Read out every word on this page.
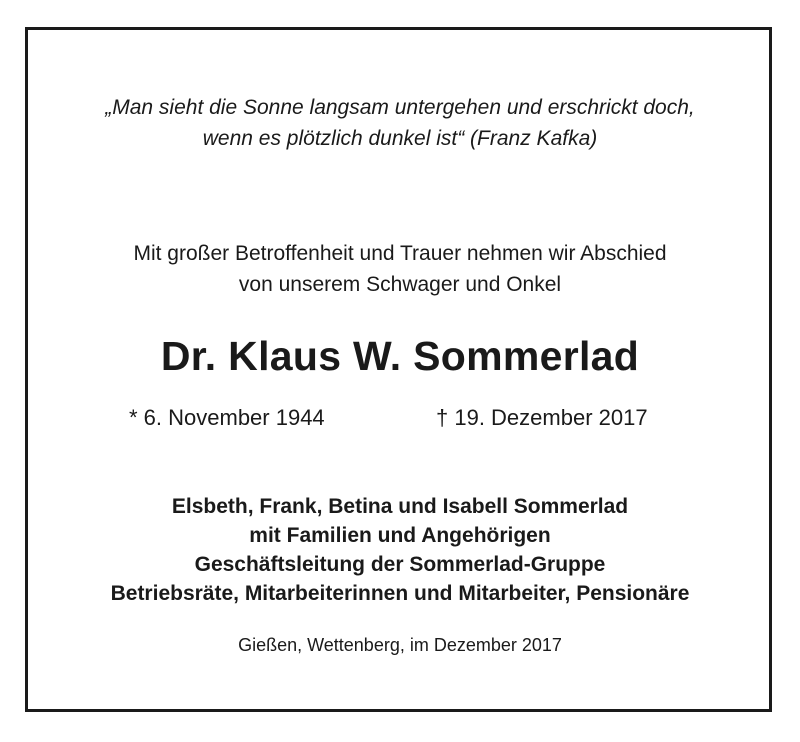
„Man sieht die Sonne langsam untergehen und erschrickt doch,
wenn es plötzlich dunkel ist“ (Franz Kafka)
Mit großer Betroffenheit und Trauer nehmen wir Abschied
von unserem Schwager und Onkel
Dr. Klaus W. Sommerlad
* 6. November 1944	† 19. Dezember 2017
Elsbeth, Frank, Betina und Isabell Sommerlad
mit Familien und Angehörigen
Geschäftsleitung der Sommerlad-Gruppe
Betriebsräte, Mitarbeiterinnen und Mitarbeiter, Pensionäre
Gießen, Wettenberg, im Dezember 2017
